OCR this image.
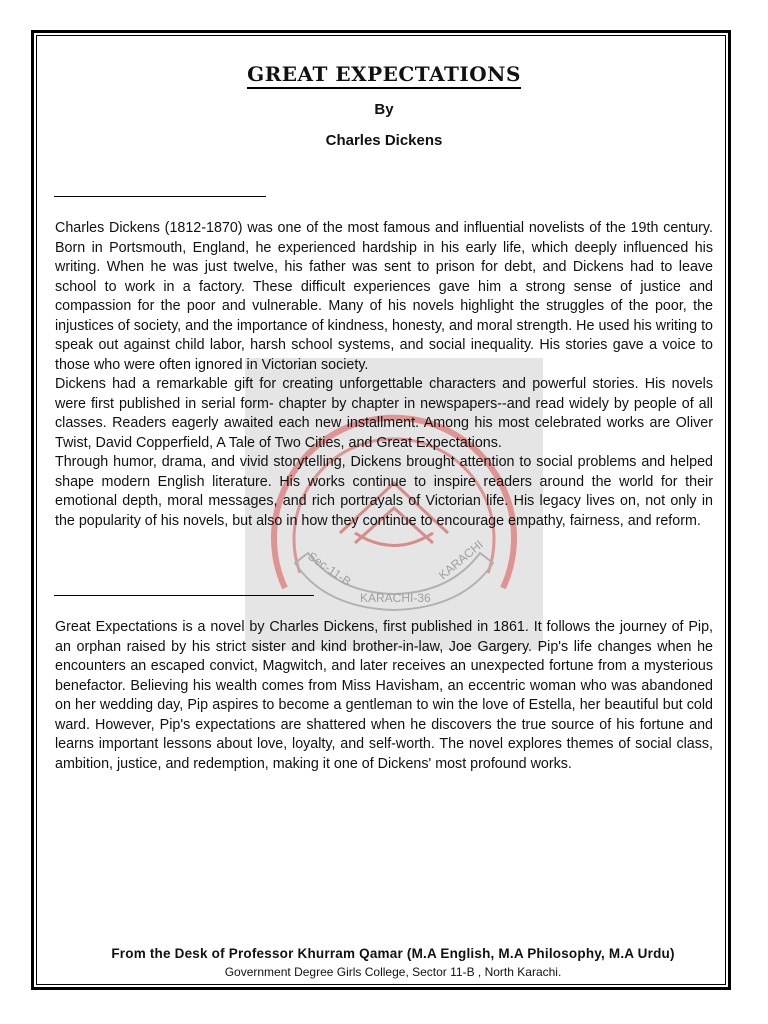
Sec-11-B	KARACHI
KARACHI-36
GREAT EXPECTATIONS
By
Charles Dickens

Charles Dickens (1812-1870) was one of the most famous and influential novelists of the 19th century. Born in Portsmouth, England, he experienced hardship in his early life, which deeply influenced his writing. When he was just twelve, his father was sent to prison for debt, and Dickens had to leave school to work in a factory. These difficult experiences gave him a strong sense of justice and compassion for the poor and vulnerable. Many of his novels highlight the struggles of the poor, the injustices of society, and the importance of kindness, honesty, and moral strength. He used his writing to speak out against child labor, harsh school systems, and social inequality. His stories gave a voice to those who were often ignored in Victorian society.

Dickens had a remarkable gift for creating unforgettable characters and powerful stories. His novels were first published in serial form- chapter by chapter in newspapers--and read widely by people of all classes. Readers eagerly awaited each new installment. Among his most celebrated works are Oliver Twist, David Copperfield, A Tale of Two Cities, and Great Expectations.

Through humor, drama, and vivid storytelling, Dickens brought attention to social problems and helped shape modern English literature. His works continue to inspire readers around the world for their emotional depth, moral messages, and rich portrayals of Victorian life. His legacy lives on, not only in the popularity of his novels, but also in how they continue to encourage empathy, fairness, and reform.

Great Expectations is a novel by Charles Dickens, first published in 1861. It follows the journey of Pip, an orphan raised by his strict sister and kind brother-in-law, Joe Gargery. Pip's life changes when he encounters an escaped convict, Magwitch, and later receives an unexpected fortune from a mysterious benefactor. Believing his wealth comes from Miss Havisham, an eccentric woman who was abandoned on her wedding day, Pip aspires to become a gentleman to win the love of Estella, her beautiful but cold ward. However, Pip's expectations are shattered when he discovers the true source of his fortune and learns important lessons about love, loyalty, and self-worth. The novel explores themes of social class, ambition, justice, and redemption, making it one of Dickens' most profound works.

From the Desk of Professor Khurram Qamar (M.A English, M.A Philosophy, M.A Urdu)
Government Degree Girls College, Sector 11-B , North Karachi.
